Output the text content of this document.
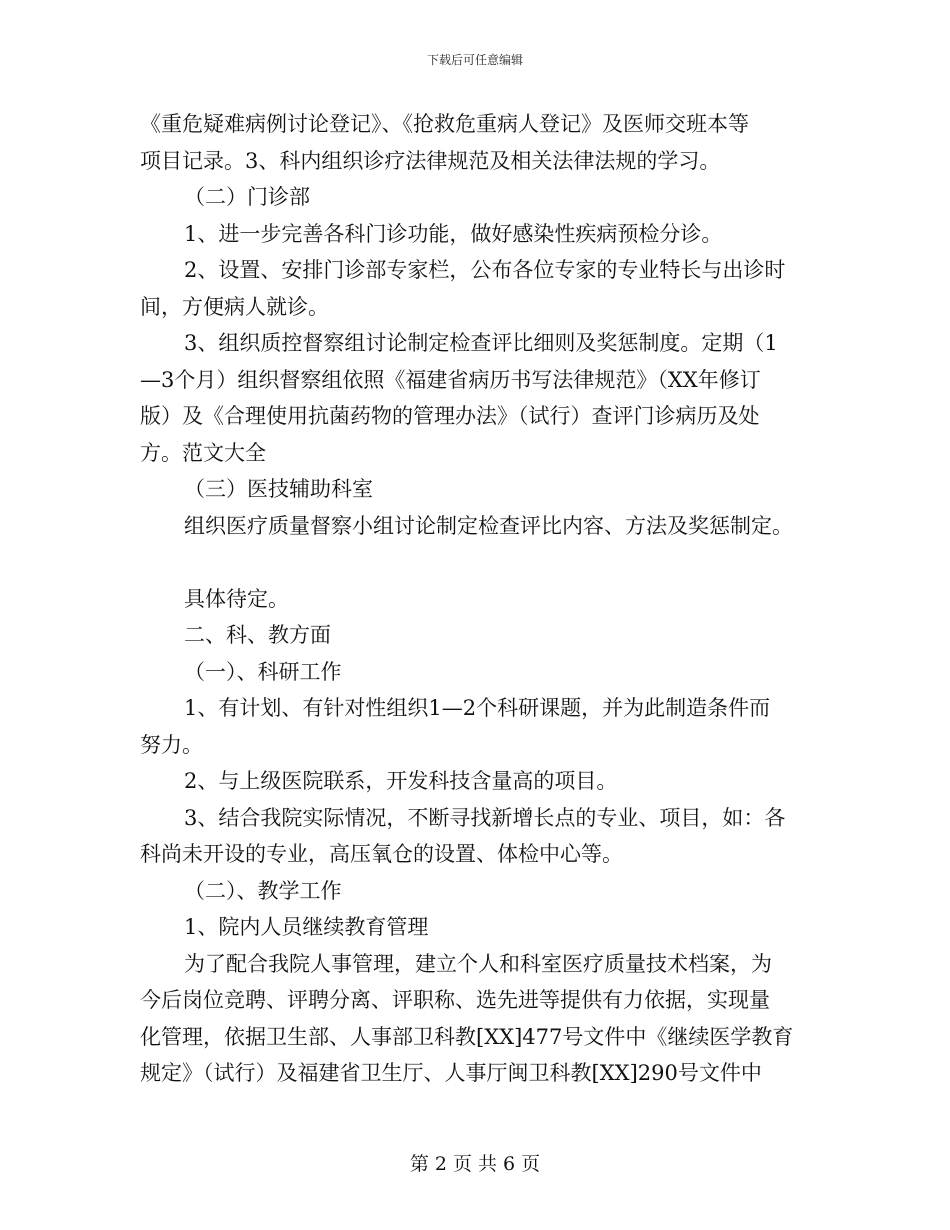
下载后可任意编辑
《重危疑难病例讨论登记》、《抢救危重病人登记》及医师交班本等
项目记录。3、科内组织诊疗法律规范及相关法律法规的学习。
（二）门诊部
1、进一步完善各科门诊功能，做好感染性疾病预检分诊。
2、设置、安排门诊部专家栏，公布各位专家的专业特长与出诊时
间，方便病人就诊。
3、组织质控督察组讨论制定检查评比细则及奖惩制度。定期（1
—3个月）组织督察组依照《福建省病历书写法律规范》（XX年修订
版）及《合理使用抗菌药物的管理办法》（试行）查评门诊病历及处
方。范文大全
（三）医技辅助科室
组织医疗质量督察小组讨论制定检查评比内容、方法及奖惩制定。
具体待定。
二、科、教方面
（一）、科研工作
1、有计划、有针对性组织1—2个科研课题，并为此制造条件而
努力。
2、与上级医院联系，开发科技含量高的项目。
3、结合我院实际情况，不断寻找新增长点的专业、项目，如：各
科尚未开设的专业，高压氧仓的设置、体检中心等。
（二）、教学工作
1、院内人员继续教育管理
为了配合我院人事管理，建立个人和科室医疗质量技术档案，为
今后岗位竞聘、评聘分离、评职称、选先进等提供有力依据，实现量
化管理，依据卫生部、人事部卫科教[XX]477号文件中《继续医学教育
规定》（试行）及福建省卫生厅、人事厅闽卫科教[XX]290号文件中
第 2 页 共 6 页
